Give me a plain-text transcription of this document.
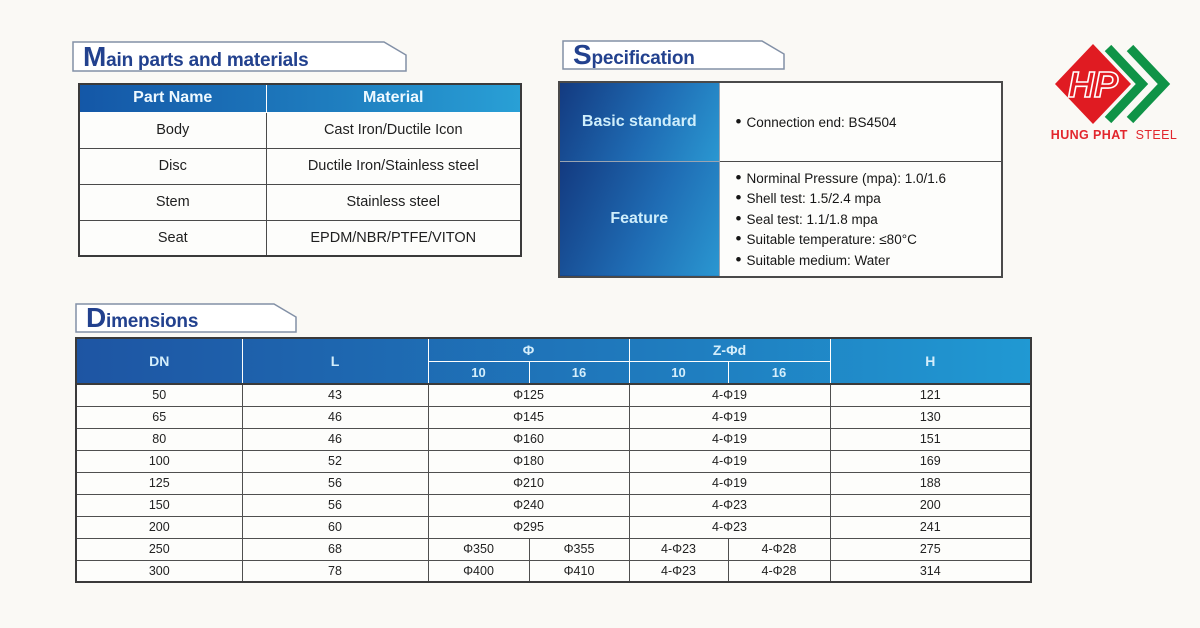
Main parts and materials
Part Name	Material
Body	Cast Iron/Ductile Icon
Disc	Ductile Iron/Stainless steel
Stem	Stainless steel
Seat	EPDM/NBR/PTFE/VITON
Specification
Basic standard	• Connection end: BS4504

Feature	
• Norminal Pressure (mpa): 1.0/1.6
• Shell test: 1.5/2.4 mpa
• Seal test: 1.1/1.8 mpa
• Suitable temperature: ≤80°C
• Suitable medium: Water
Dimensions
DN	L	Φ		Z-Φd		H
		10	16	10	16	
50	43	Φ125		4-Φ19		121
65	46	Φ145		4-Φ19		130
80	46	Φ160		4-Φ19		151
100	52	Φ180		4-Φ19		169
125	56	Φ210		4-Φ19		188
150	56	Φ240		4-Φ23		200
200	60	Φ295		4-Φ23		241
250	68	Φ350	Φ355	4-Φ23	4-Φ28	275
300	78	Φ400	Φ410	4-Φ23	4-Φ28	314
HP
HUNG PHAT STEEL
